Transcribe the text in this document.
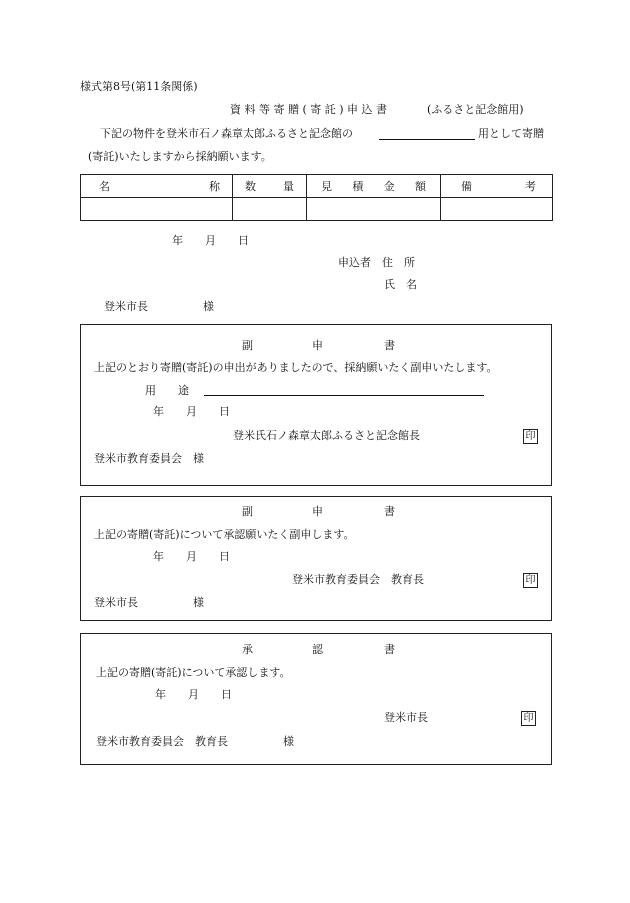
様式第8号(第11条関係)
資 料 等 寄 贈 ( 寄 託 ) 申 込 書	(ふるさと記念館用)
下記の物件を登米市石ノ森章太郎ふるさと記念館の	用として寄贈
(寄託)いたしますから採納願います。
名 称	数 量	見 積 金 額	備 考

年　　月　　日
申込者　住　所
氏　名
登米市長　　　　　様
副	申	書
上記のとおり寄贈(寄託)の申出がありましたので、採納願いたく副申いたします。
用　　途
年　　月　　日
登米氏石ノ森章太郎ふるさと記念館長	印
登米市教育委員会　様
副	申	書
上記の寄贈(寄託)について承認願いたく副申します。
年　　月　　日
登米市教育委員会　教育長	印
登米市長　　　　　様
承	認	書
上記の寄贈(寄託)について承認します。
年　　月　　日
登米市長	印
登米市教育委員会　教育長　　　　　様
